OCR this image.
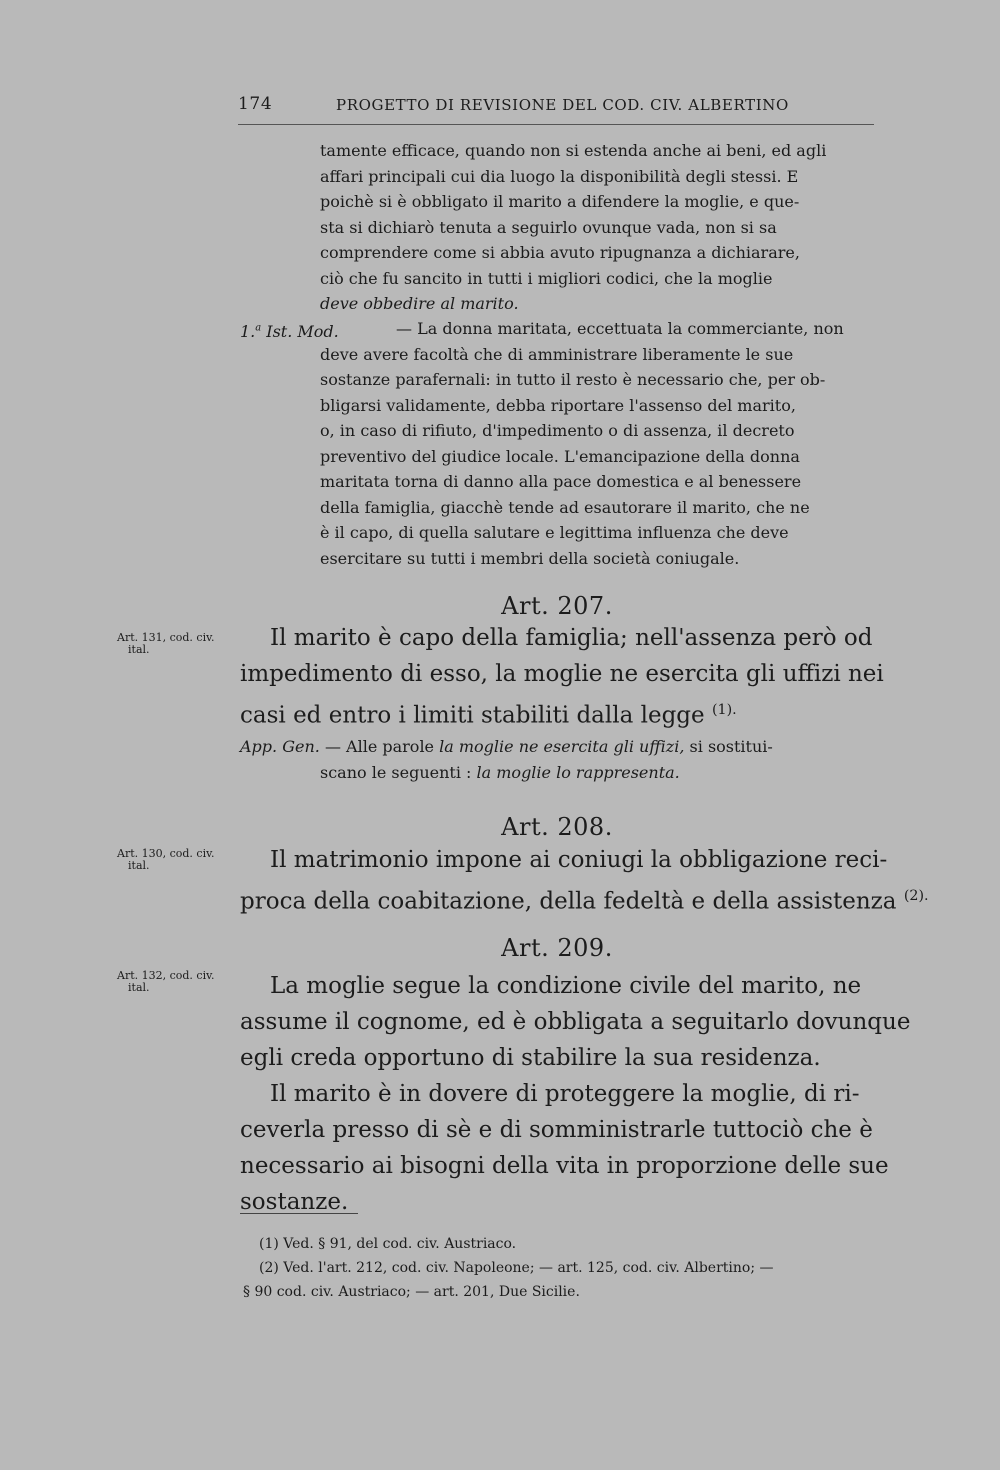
174	PROGETTO DI REVISIONE DEL COD. CIV. ALBERTINO

tamente efficace, quando non si estenda anche ai beni, ed agli

affari principali cui dia luogo la disponibilità degli stessi. E

poichè si è obbligato il marito a difendere la moglie, e que-

sta si dichiarò tenuta a seguirlo ovunque vada, non si sa

comprendere come si abbia avuto ripugnanza a dichiarare,

ciò che fu sancito in tutti i migliori codici, che la moglie

deve obbedire al marito.

1.$^a$ Ist. Mod.	— La donna maritata, eccettuata la commerciante, non

deve avere facoltà che di amministrare liberamente le sue

sostanze parafernali: in tutto il resto è necessario che, per ob-

bligarsi validamente, debba riportare l'assenso del marito,

o, in caso di rifiuto, d'impedimento o di assenza, il decreto

preventivo del giudice locale. L'emancipazione della donna

maritata torna di danno alla pace domestica e al benessere

della famiglia, giacchè tende ad esautorare il marito, che ne

è il capo, di quella salutare e legittima influenza che deve

esercitare su tutti i membri della società coniugale.

Art. 207.

Art. 131, cod. civ.

ital.	Il marito è capo della famiglia; nell'assenza però od

impedimento di esso, la moglie ne esercita gli uffizi nei

casi ed entro i limiti stabiliti dalla legge $^{(1).}$

App. Gen. — Alle parole la moglie ne esercita gli uffizi, si sostitui-

scano le seguenti : la moglie lo rappresenta.

Art. 208.

Art. 130, cod. civ.

ital.	Il matrimonio impone ai coniugi la obbligazione reci-

proca della coabitazione, della fedeltà e della assistenza $^{(2).}$

Art. 209.

Art. 132, cod. civ.

ital.	La moglie segue la condizione civile del marito, ne

assume il cognome, ed è obbligata a seguitarlo dovunque

egli creda opportuno di stabilire la sua residenza.

Il marito è in dovere di proteggere la moglie, di ri-

ceverla presso di sè e di somministrarle tuttociò che è

necessario ai bisogni della vita in proporzione delle sue

sostanze.

(1) Ved. § 91, del cod. civ. Austriaco.

(2) Ved. l'art. 212, cod. civ. Napoleone; — art. 125, cod. civ. Albertino; —

§ 90 cod. civ. Austriaco; — art. 201, Due Sicilie.
